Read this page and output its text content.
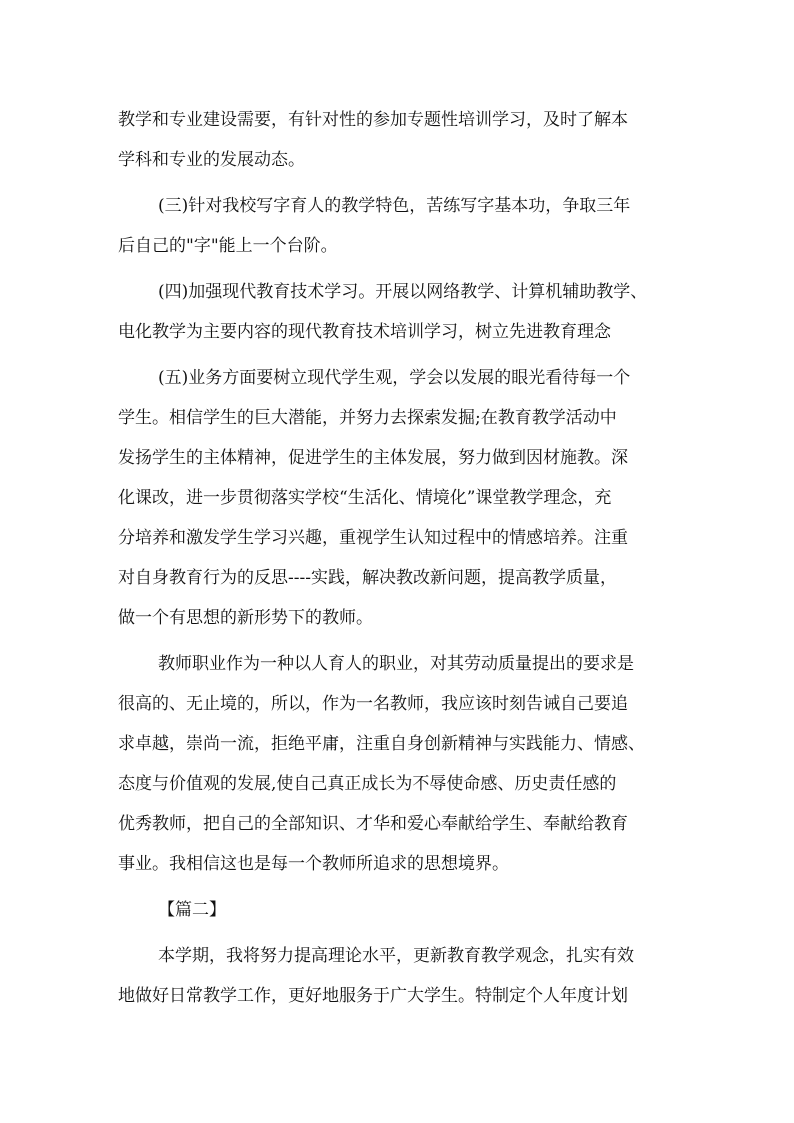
教学和专业建设需要，有针对性的参加专题性培训学习，及时了解本
学科和专业的发展动态。
(三)针对我校写字育人的教学特色，苦练写字基本功，争取三年
后自己的"字"能上一个台阶。
(四)加强现代教育技术学习。开展以网络教学、计算机辅助教学、
电化教学为主要内容的现代教育技术培训学习，树立先进教育理念
(五)业务方面要树立现代学生观，学会以发展的眼光看待每一个
学生。相信学生的巨大潜能，并努力去探索发掘;在教育教学活动中
发扬学生的主体精神，促进学生的主体发展，努力做到因材施教。深
化课改，进一步贯彻落实学校“生活化、情境化”课堂教学理念，充
分培养和激发学生学习兴趣，重视学生认知过程中的情感培养。注重
对自身教育行为的反思----实践，解决教改新问题，提高教学质量，
做一个有思想的新形势下的教师。
教师职业作为一种以人育人的职业，对其劳动质量提出的要求是
很高的、无止境的，所以，作为一名教师，我应该时刻告诫自己要追
求卓越，崇尚一流，拒绝平庸，注重自身创新精神与实践能力、情感、
态度与价值观的发展,使自己真正成长为不辱使命感、历史责任感的
优秀教师，把自己的全部知识、才华和爱心奉献给学生、奉献给教育
事业。我相信这也是每一个教师所追求的思想境界。
【篇二】
本学期，我将努力提高理论水平，更新教育教学观念，扎实有效
地做好日常教学工作，更好地服务于广大学生。特制定个人年度计划
